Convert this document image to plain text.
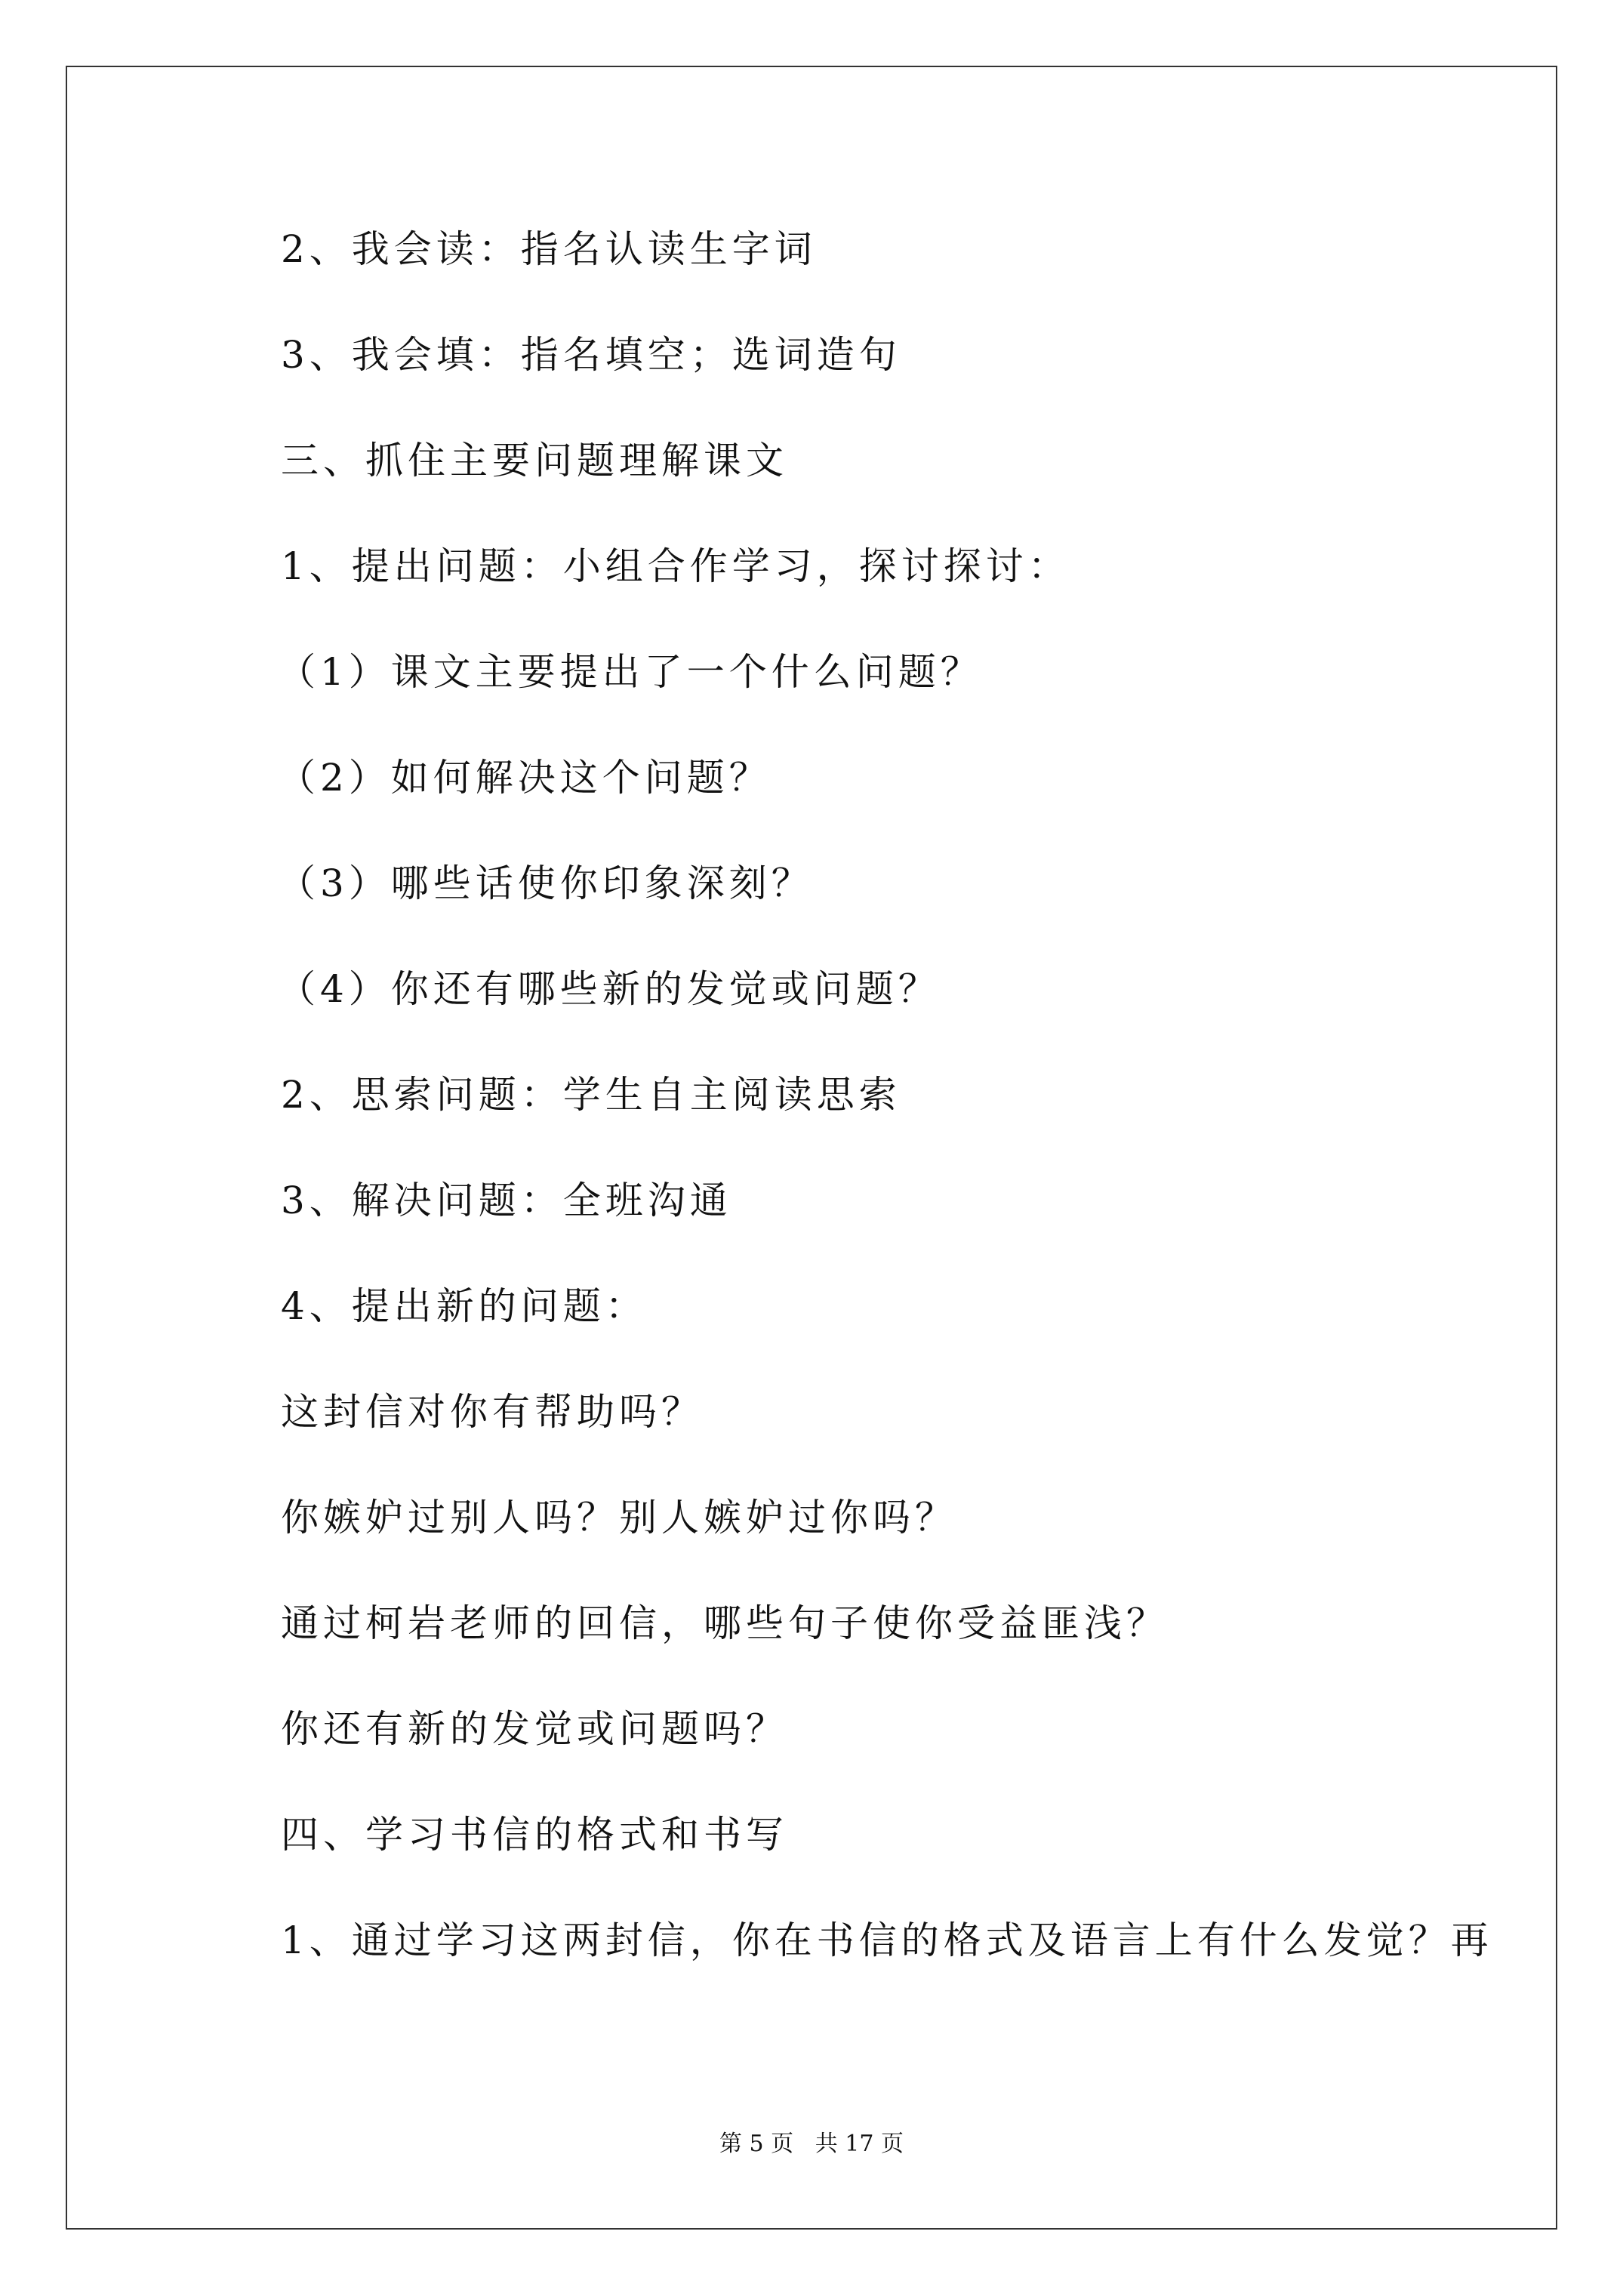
2、我会读：指名认读生字词
3、我会填：指名填空；选词造句
三、抓住主要问题理解课文
1、提出问题：小组合作学习，探讨探讨：
（1）课文主要提出了一个什么问题？
（2）如何解决这个问题？
（3）哪些话使你印象深刻？
（4）你还有哪些新的发觉或问题？
2、思索问题：学生自主阅读思索
3、解决问题：全班沟通
4、提出新的问题：
这封信对你有帮助吗？
你嫉妒过别人吗？别人嫉妒过你吗？
通过柯岩老师的回信，哪些句子使你受益匪浅？
你还有新的发觉或问题吗？
四、学习书信的格式和书写
1、通过学习这两封信，你在书信的格式及语言上有什么发觉？再
第 5 页   共 17 页
